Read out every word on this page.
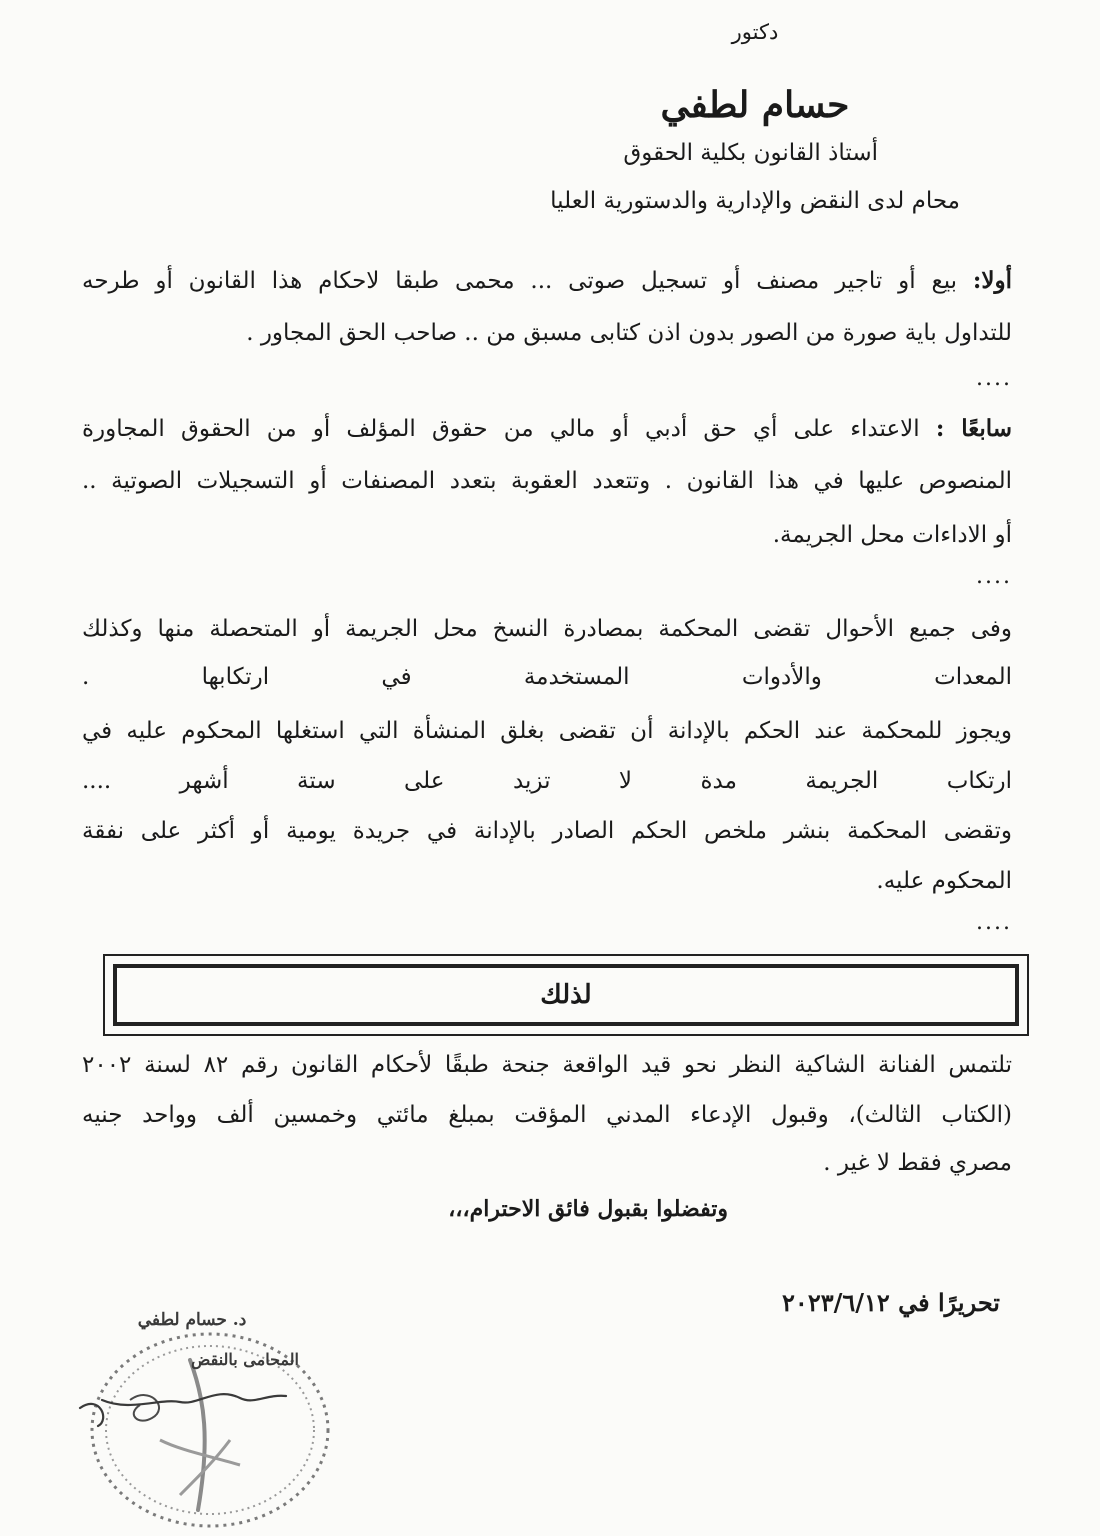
دكتور
حسام لطفي
أستاذ القانون بكلية الحقوق
محام لدى النقض والإدارية والدستورية العليا
أولا: بيع أو تاجير مصنف أو تسجيل صوتى ... محمى طبقا لاحكام هذا القانون أو طرحه
للتداول باية صورة من الصور بدون اذن كتابى مسبق من .. صاحب الحق المجاور .
....
سابعًا : الاعتداء على أي حق أدبي أو مالي من حقوق المؤلف أو من الحقوق المجاورة
المنصوص عليها في هذا القانون . وتتعدد العقوبة بتعدد المصنفات أو التسجيلات الصوتية ..
أو الاداءات محل الجريمة.
....
وفى جميع الأحوال تقضى المحكمة بمصادرة النسخ محل الجريمة أو المتحصلة منها وكذلك
المعدات والأدوات المستخدمة في ارتكابها .
ويجوز للمحكمة عند الحكم بالإدانة أن تقضى بغلق المنشأة التي استغلها المحكوم عليه في
ارتكاب الجريمة مدة لا تزيد على ستة أشهر ....
وتقضى المحكمة بنشر ملخص الحكم الصادر بالإدانة في جريدة يومية أو أكثر على نفقة
المحكوم عليه.
....
لذلك
تلتمس الفنانة الشاكية النظر نحو قيد الواقعة جنحة طبقًا لأحكام القانون رقم ٨٢ لسنة ٢٠٠٢
(الكتاب الثالث)، وقبول الإدعاء المدني المؤقت بمبلغ مائتي وخمسين ألف وواحد جنيه
مصري فقط لا غير .
وتفضلوا بقبول فائق الاحترام،،،
تحريرًا في ٢٠٢٣/٦/١٢
د. حسام لطفي
المحامى بالنقض
